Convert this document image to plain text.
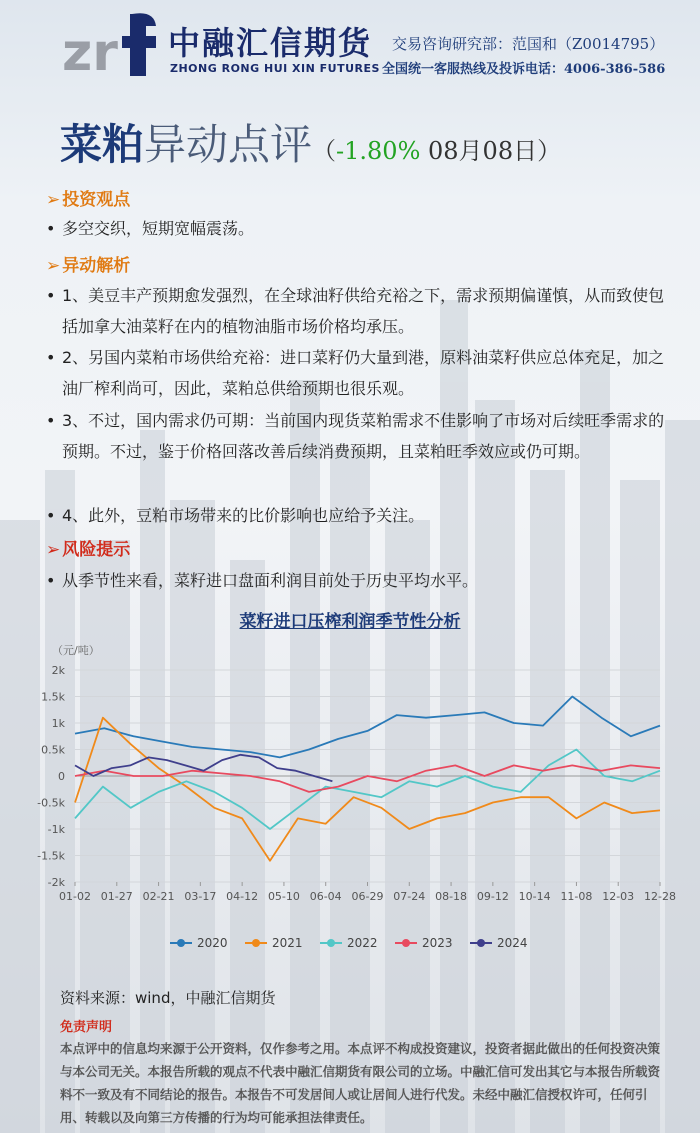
zr 中融汇信期货
ZHONG RONG HUI XIN FUTURES
交易咨询研究部：范国和（Z0014795）
全国统一客服热线及投诉电话：4006-386-586
菜粕异动点评（-1.80% 08月08日）
➢ 投资观点
• 多空交织，短期宽幅震荡。
➢ 异动解析
• 1、美豆丰产预期愈发强烈，在全球油籽供给充裕之下，需求预期偏谨慎，从而致使包括加拿大油菜籽在内的植物油脂市场价格均承压。
• 2、另国内菜粕市场供给充裕：进口菜籽仍大量到港，原料油菜籽供应总体充足，加之油厂榨利尚可，因此，菜粕总供给预期也很乐观。
• 3、不过，国内需求仍可期：当前国内现货菜粕需求不佳影响了市场对后续旺季需求的预期。不过，鉴于价格回落改善后续消费预期，且菜粕旺季效应或仍可期。
• 4、此外，豆粕市场带来的比价影响也应给予关注。
➢ 风险提示
• 从季节性来看，菜籽进口盘面利润目前处于历史平均水平。
菜籽进口压榨利润季节性分析
（元/吨）
2k
1.5k
1k
0.5k
0
-0.5k
-1k
-1.5k
-2k
01-02 01-27 02-21 03-17 04-12 05-10 06-04 06-29 07-24 08-18 09-12 10-14 11-08 12-03 12-28
2020	2021	2022	2023	2024
资料来源：wind，中融汇信期货
免责声明
本点评中的信息均来源于公开资料，仅作参考之用。本点评不构成投资建议，投资者据此做出的任何投资决策与本公司无关。本报告所载的观点不代表中融汇信期货有限公司的立场。中融汇信可发出其它与本报告所载资料不一致及有不同结论的报告。本报告不可发居间人或让居间人进行代发。未经中融汇信授权许可，任何引用、转载以及向第三方传播的行为均可能承担法律责任。
